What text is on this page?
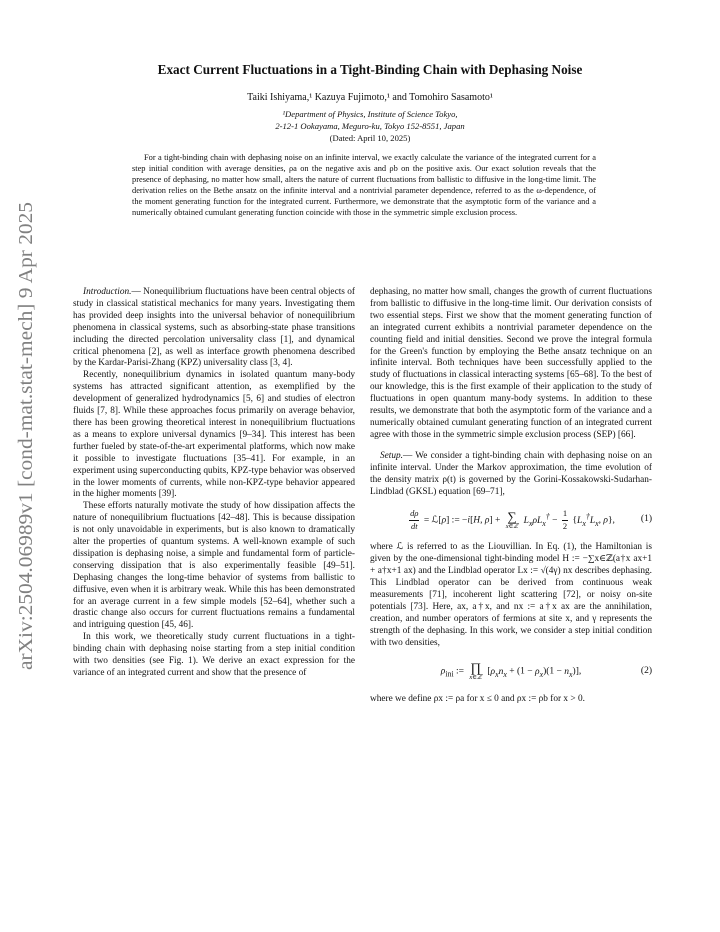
arXiv:2504.06989v1 [cond-mat.stat-mech] 9 Apr 2025
Exact Current Fluctuations in a Tight-Binding Chain with Dephasing Noise
Taiki Ishiyama,¹ Kazuya Fujimoto,¹ and Tomohiro Sasamoto¹
¹Department of Physics, Institute of Science Tokyo,
2-12-1 Ookayama, Meguro-ku, Tokyo 152-8551, Japan
(Dated: April 10, 2025)
For a tight-binding chain with dephasing noise on an infinite interval, we exactly calculate the variance of the integrated current for a step initial condition with average densities, ρa on the negative axis and ρb on the positive axis. Our exact solution reveals that the presence of dephasing, no matter how small, alters the nature of current fluctuations from ballistic to diffusive in the long-time limit. The derivation relies on the Bethe ansatz on the infinite interval and a nontrivial parameter dependence, referred to as the ω-dependence, of the moment generating function for the integrated current. Furthermore, we demonstrate that the asymptotic form of the variance and a numerically obtained cumulant generating function coincide with those in the symmetric simple exclusion process.

Introduction.— Nonequilibrium fluctuations have been central objects of study in classical statistical mechanics for many years. Investigating them has provided deep insights into the universal behavior of nonequilibrium phenomena in classical systems, such as absorbing-state phase transitions including the directed percolation universality class [1], and dynamical critical phenomena [2], as well as interface growth phenomena described by the Kardar-Parisi-Zhang (KPZ) universality class [3, 4].

Recently, nonequilibrium dynamics in isolated quantum many-body systems has attracted significant attention, as exemplified by the development of generalized hydrodynamics [5, 6] and studies of electron fluids [7, 8]. While these approaches focus primarily on average behavior, there has been growing theoretical interest in nonequilibrium fluctuations as a means to explore universal dynamics [9–34]. This interest has been further fueled by state-of-the-art experimental platforms, which now make it possible to investigate fluctuations [35–41]. For example, in an experiment using superconducting qubits, KPZ-type behavior was observed in the lower moments of currents, while non-KPZ-type behavior appeared in the higher moments [39].

These efforts naturally motivate the study of how dissipation affects the nature of nonequilibrium fluctuations [42–48]. This is because dissipation is not only unavoidable in experiments, but is also known to dramatically alter the properties of quantum systems. A well-known example of such dissipation is dephasing noise, a simple and fundamental form of particle-conserving dissipation that is also experimentally feasible [49–51]. Dephasing changes the long-time behavior of systems from ballistic to diffusive, even when it is arbitrary weak. While this has been demonstrated for an average current in a few simple models [52–64], whether such a drastic change also occurs for current fluctuations remains a fundamental and intriguing question [45, 46].

In this work, we theoretically study current fluctuations in a tight-binding chain with dephasing noise starting from a step initial condition with two densities (see Fig. 1). We derive an exact expression for the variance of an integrated current and show that the presence of

dephasing, no matter how small, changes the growth of current fluctuations from ballistic to diffusive in the long-time limit. Our derivation consists of two essential steps. First we show that the moment generating function of an integrated current exhibits a nontrivial parameter dependence on the counting field and initial densities. Second we prove the integral formula for the Green's function by employing the Bethe ansatz technique on an infinite interval. Both techniques have been successfully applied to the study of fluctuations in classical interacting systems [65–68]. To the best of our knowledge, this is the first example of their application to the study of fluctuations in open quantum many-body systems. In addition to these results, we demonstrate that both the asymptotic form of the variance and a numerically obtained cumulant generating function of an integrated current agree with those in the symmetric simple exclusion process (SEP) [66].

Setup.— We consider a tight-binding chain with dephasing noise on an infinite interval. Under the Markov approximation, the time evolution of the density matrix ρ(t) is governed by the Gorini-Kossakowski-Sudarhan-Lindblad (GKSL) equation [69–71],

$\frac{d\rho}{dt}$ = ℒ[ρ] := −i[H, ρ] + ∑
x∈ℤ
$L_x\rho L_x^\dagger - \frac{1}{2} \{L_x^\dagger L_x$, ρ},	(1)

where ℒ is referred to as the Liouvillian. In Eq. (1), the Hamiltonian is given by the one-dimensional tight-binding model H := −∑x∈ℤ(a†x ax+1 + a†x+1 ax) and the Lindblad operator Lx := √(4γ) nx describes dephasing. This Lindblad operator can be derived from continuous weak measurements [71], incoherent light scattering [72], or noisy on-site potentials [73]. Here, ax, a†x, and nx := a†x ax are the annihilation, creation, and number operators of fermions at site x, and γ represents the strength of the dephasing. In this work, we consider a step initial condition with two densities,

$\rho_{ini}$ := ∏
x∈ℤ
$[\rho_xn_x + (1 - \rho_x)(1 - n_x)]$,	(2)

where we define ρx := ρa for x ≤ 0 and ρx := ρb for x > 0.
